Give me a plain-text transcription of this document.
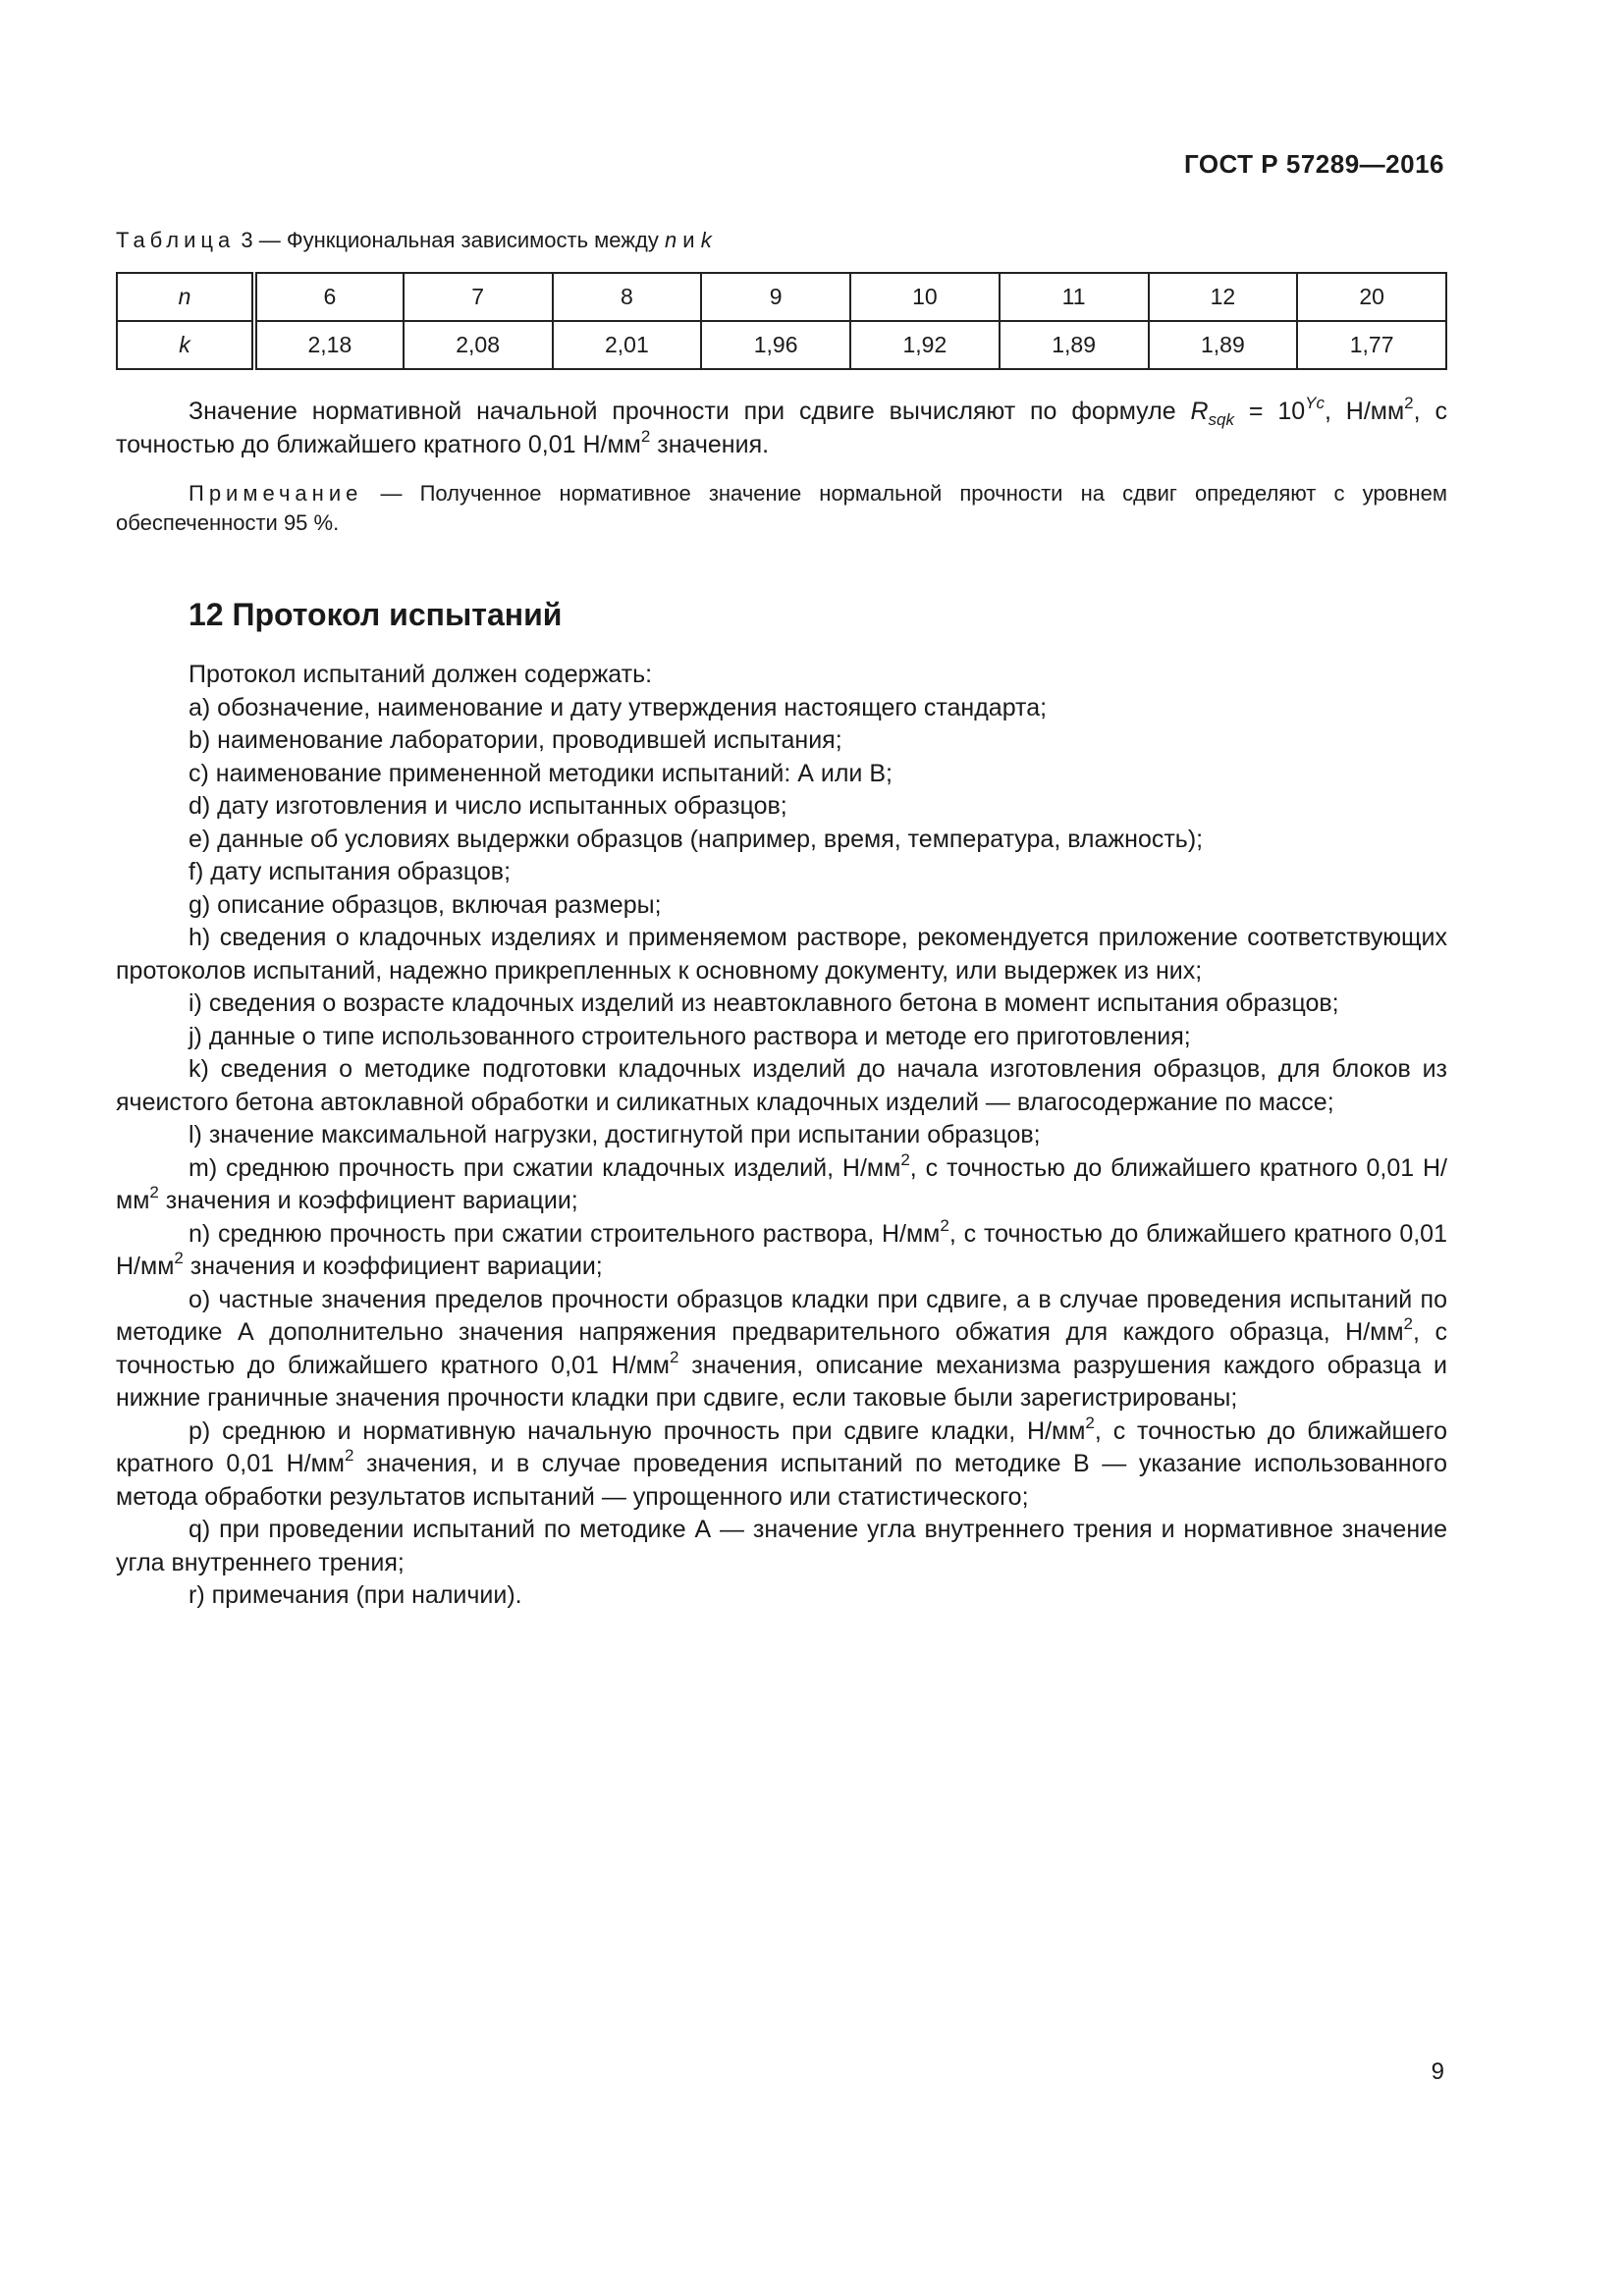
ГОСТ Р 57289—2016
Таблица 3 — Функциональная зависимость между n и k
n	6	7	8	9	10	11	12	20
k	2,18	2,08	2,01	1,96	1,92	1,89	1,89	1,77

Значение нормативной начальной прочности при сдвиге вычисляют по формуле $R_{sqk} = 10^{Yc}$, $Н/мм^2$, с точностью до ближайшего кратного 0,01 $Н/мм^2$ значения.

Примечание — Полученное нормативное значение нормальной прочности на сдвиг определяют с уровнем обеспеченности 95 %.

12 Протокол испытаний

Протокол испытаний должен содержать:

a) обозначение, наименование и дату утверждения настоящего стандарта;

b) наименование лаборатории, проводившей испытания;

c) наименование примененной методики испытаний: А или В;

d) дату изготовления и число испытанных образцов;

e) данные об условиях выдержки образцов (например, время, температура, влажность);

f) дату испытания образцов;

g) описание образцов, включая размеры;

h) сведения о кладочных изделиях и применяемом растворе, рекомендуется приложение соответствующих протоколов испытаний, надежно прикрепленных к основному документу, или выдержек из них;

i) сведения о возрасте кладочных изделий из неавтоклавного бетона в момент испытания образцов;

j) данные о типе использованного строительного раствора и методе его приготовления;

k) сведения о методике подготовки кладочных изделий до начала изготовления образцов, для блоков из ячеистого бетона автоклавной обработки и силикатных кладочных изделий — влагосодержание по массе;

l) значение максимальной нагрузки, достигнутой при испытании образцов;

m) среднюю прочность при сжатии кладочных изделий, $Н/мм^2$, с точностью до ближайшего кратного 0,01 $Н/мм^2$ значения и коэффициент вариации;

n) среднюю прочность при сжатии строительного раствора, $Н/мм^2$, с точностью до ближайшего кратного 0,01 $Н/мм^2$ значения и коэффициент вариации;

o) частные значения пределов прочности образцов кладки при сдвиге, а в случае проведения испытаний по методике А дополнительно значения напряжения предварительного обжатия для каждого образца, $Н/мм^2$, с точностью до ближайшего кратного 0,01 $Н/мм^2$ значения, описание механизма разрушения каждого образца и нижние граничные значения прочности кладки при сдвиге, если таковые были зарегистрированы;

p) среднюю и нормативную начальную прочность при сдвиге кладки, $Н/мм^2$, с точностью до ближайшего кратного 0,01 $Н/мм^2$ значения, и в случае проведения испытаний по методике В — указание использованного метода обработки результатов испытаний — упрощенного или статистического;

q) при проведении испытаний по методике А — значение угла внутреннего трения и нормативное значение угла внутреннего трения;

r) примечания (при наличии).

9
